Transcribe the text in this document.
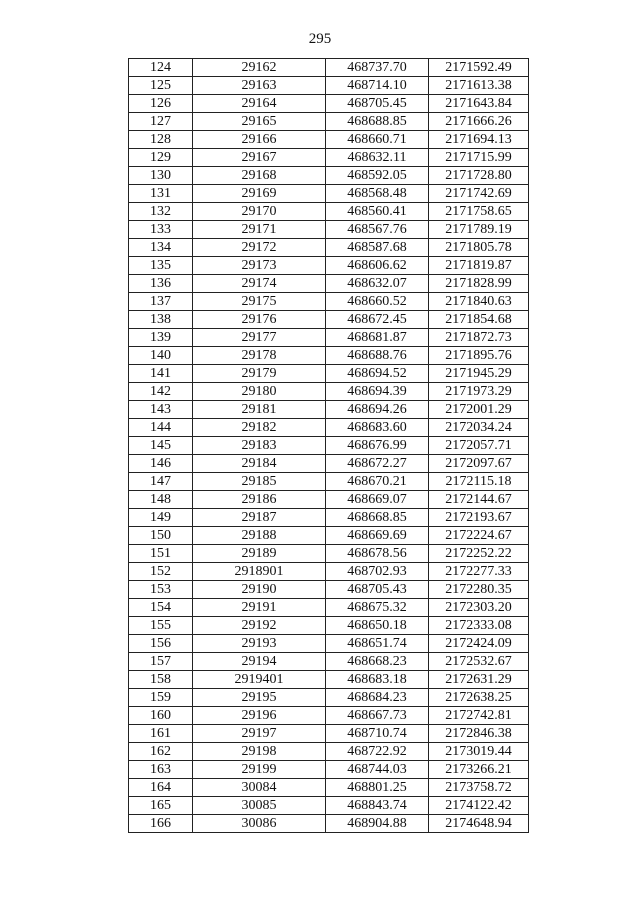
295
124	29162	468737.70	2171592.49
125	29163	468714.10	2171613.38
126	29164	468705.45	2171643.84
127	29165	468688.85	2171666.26
128	29166	468660.71	2171694.13
129	29167	468632.11	2171715.99
130	29168	468592.05	2171728.80
131	29169	468568.48	2171742.69
132	29170	468560.41	2171758.65
133	29171	468567.76	2171789.19
134	29172	468587.68	2171805.78
135	29173	468606.62	2171819.87
136	29174	468632.07	2171828.99
137	29175	468660.52	2171840.63
138	29176	468672.45	2171854.68
139	29177	468681.87	2171872.73
140	29178	468688.76	2171895.76
141	29179	468694.52	2171945.29
142	29180	468694.39	2171973.29
143	29181	468694.26	2172001.29
144	29182	468683.60	2172034.24
145	29183	468676.99	2172057.71
146	29184	468672.27	2172097.67
147	29185	468670.21	2172115.18
148	29186	468669.07	2172144.67
149	29187	468668.85	2172193.67
150	29188	468669.69	2172224.67
151	29189	468678.56	2172252.22
152	2918901	468702.93	2172277.33
153	29190	468705.43	2172280.35
154	29191	468675.32	2172303.20
155	29192	468650.18	2172333.08
156	29193	468651.74	2172424.09
157	29194	468668.23	2172532.67
158	2919401	468683.18	2172631.29
159	29195	468684.23	2172638.25
160	29196	468667.73	2172742.81
161	29197	468710.74	2172846.38
162	29198	468722.92	2173019.44
163	29199	468744.03	2173266.21
164	30084	468801.25	2173758.72
165	30085	468843.74	2174122.42
166	30086	468904.88	2174648.94
